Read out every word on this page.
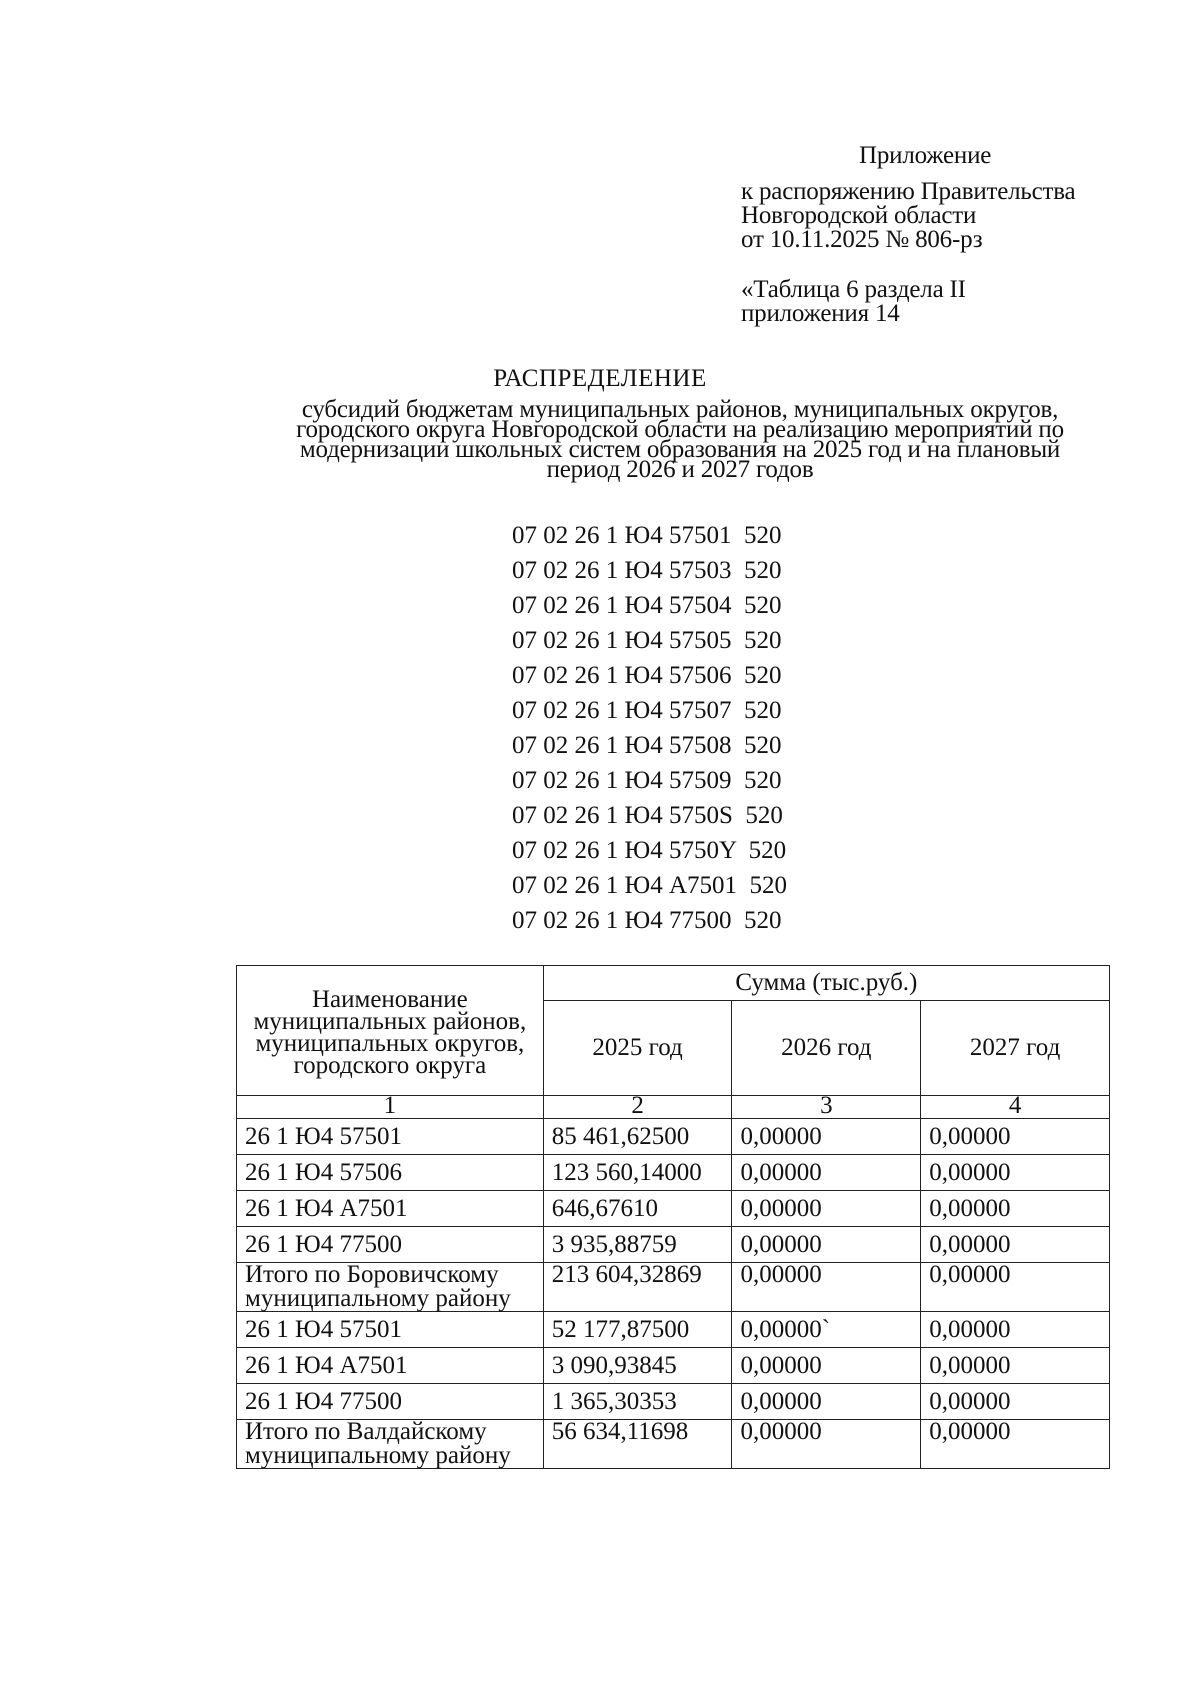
Приложение
к распоряжению Правительства
Новгородской области
от 10.11.2025 № 806-рз
«Таблица 6 раздела II
приложения 14
РАСПРЕДЕЛЕНИЕ
субсидий бюджетам муниципальных районов, муниципальных округов,
городского округа Новгородской области на реализацию мероприятий по
модернизации школьных систем образования на 2025 год и на плановый
период 2026 и 2027 годов
07 02 26 1 Ю4 57501  520
07 02 26 1 Ю4 57503  520
07 02 26 1 Ю4 57504  520
07 02 26 1 Ю4 57505  520
07 02 26 1 Ю4 57506  520
07 02 26 1 Ю4 57507  520
07 02 26 1 Ю4 57508  520
07 02 26 1 Ю4 57509  520
07 02 26 1 Ю4 5750S  520
07 02 26 1 Ю4 5750Y  520
07 02 26 1 Ю4 A7501  520
07 02 26 1 Ю4 77500  520
Наименование муниципальных районов, муниципальных округов, городского округа	Сумма (тыс.руб.)		
	2025 год	2026 год	2027 год
1	2	3	4
26 1 Ю4 57501	85 461,62500	0,00000	0,00000
26 1 Ю4 57506	123 560,14000	0,00000	0,00000
26 1 Ю4 A7501	646,67610	0,00000	0,00000
26 1 Ю4 77500	3 935,88759	0,00000	0,00000
Итого по Боровичскому муниципальному району	213 604,32869	0,00000	0,00000
26 1 Ю4 57501	52 177,87500	0,00000`	0,00000
26 1 Ю4 A7501	3 090,93845	0,00000	0,00000
26 1 Ю4 77500	1 365,30353	0,00000	0,00000
Итого по Валдайскому муниципальному району	56 634,11698	0,00000	0,00000
